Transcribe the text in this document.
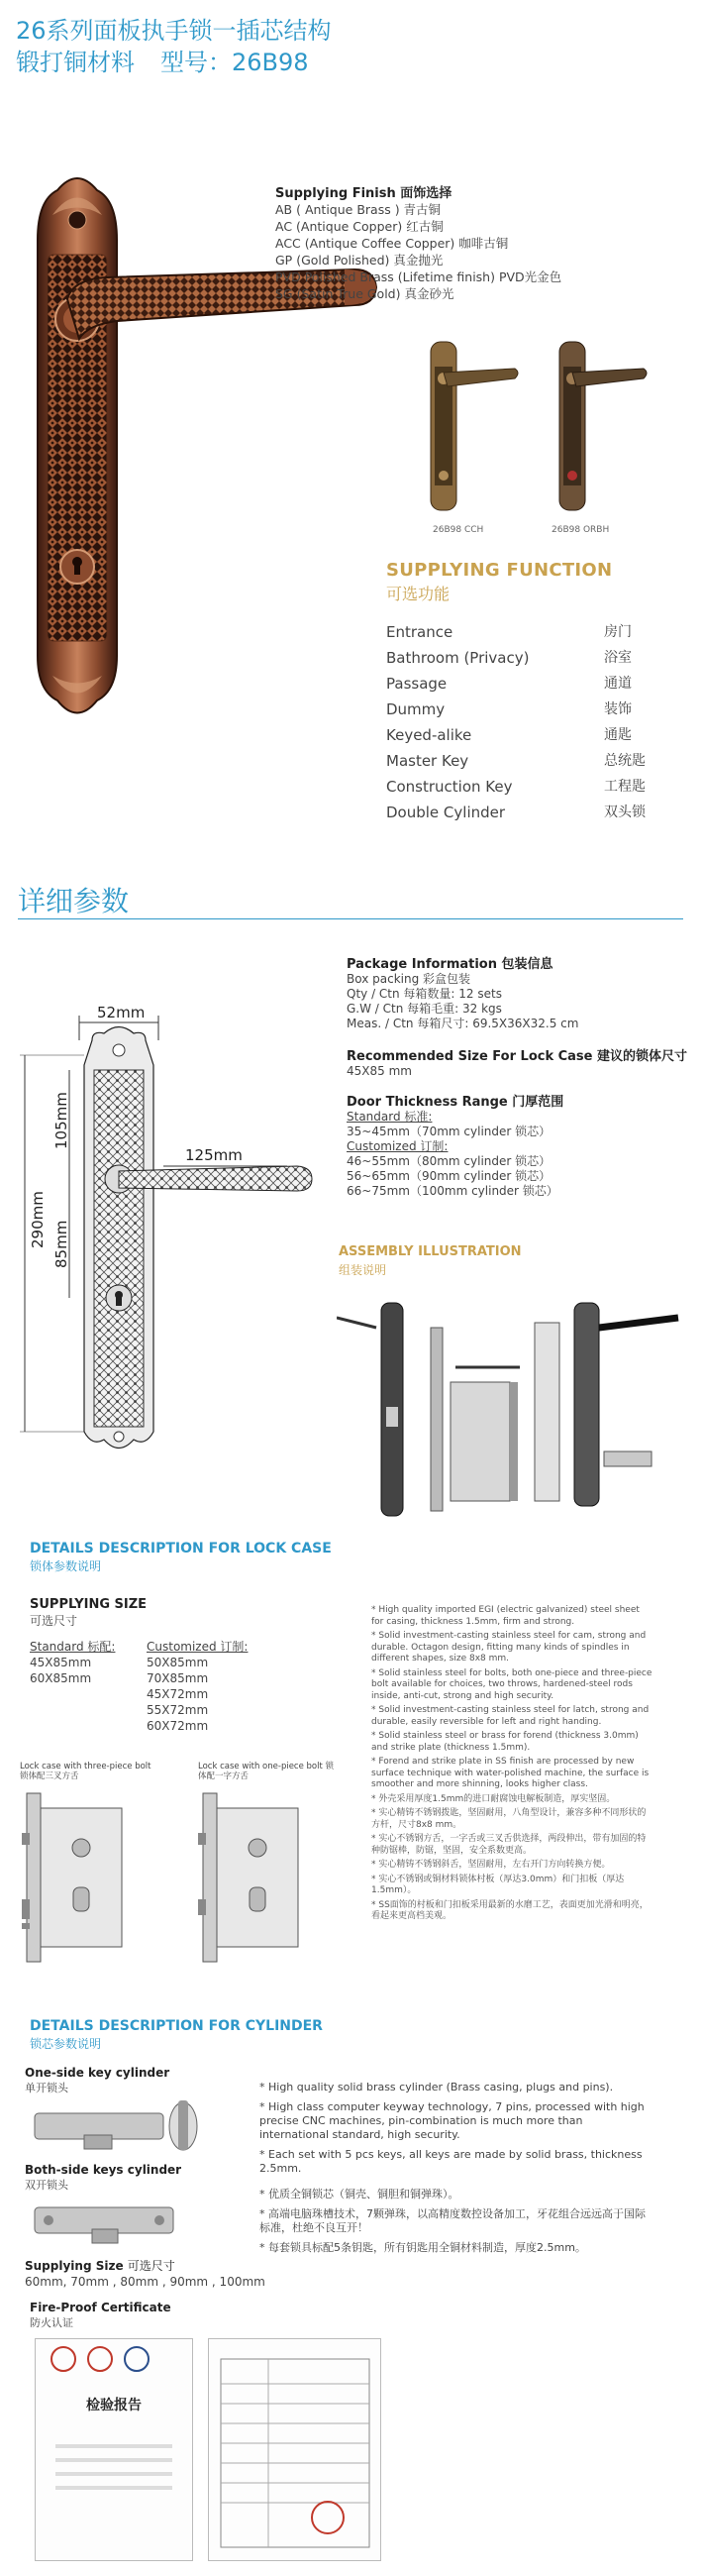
26系列面板执手锁一插芯结构
锻打铜材料 型号：26B98
Supplying Finish 面饰选择
AB ( Antique Brass ) 青古铜
AC (Antique Copper) 红古铜
ACC (Antique Coffee Copper) 咖啡古铜
GP (Gold Polished) 真金抛光
PVD Polished Brass (Lifetime finish) PVD光金色
SG (Satin True Gold) 真金砂光
26B98 CCH	26B98 ORBH
SUPPLYING FUNCTION
可选功能
Entrance	房门
Bathroom (Privacy)	浴室
Passage	通道
Dummy	装饰
Keyed-alike	通匙
Master Key	总统匙
Construction Key	工程匙
Double Cylinder	双头锁
详细参数
52mm
125mm
290mm
105mm
85mm
Package Information 包装信息
Box packing 彩盒包装
Qty / Ctn 每箱数量: 12 sets
G.W / Ctn 每箱毛重: 32 kgs
Meas. / Ctn 每箱尺寸: 69.5X36X32.5 cm
Recommended Size For Lock Case 建议的锁体尺寸
45X85 mm
Door Thickness Range 门厚范围
Standard 标准:
35~45mm（70mm cylinder 锁芯）
Customized 订制:
46~55mm（80mm cylinder 锁芯）
56~65mm（90mm cylinder 锁芯）
66~75mm（100mm cylinder 锁芯）
ASSEMBLY ILLUSTRATION
组装说明
DETAILS DESCRIPTION FOR LOCK CASE
锁体参数说明
SUPPLYING SIZE
可选尺寸
Standard 标配:
45X85mm
60X85mm
Customized 订制:
50X85mm
70X85mm
45X72mm
55X72mm
60X72mm
Lock case with three-piece bolt 锁体配三叉方舌
Lock case with one-piece bolt 锁体配一字方舌
* High quality imported EGI (electric galvanized) steel sheet for casing, thickness 1.5mm, firm and strong.
* Solid investment-casting stainless steel for cam, strong and durable. Octagon design, fitting many kinds of spindles in different shapes, size 8x8 mm.
* Solid stainless steel for bolts, both one-piece and three-piece bolt available for choices, two throws, hardened-steel rods inside, anti-cut, strong and high security.
* Solid investment-casting stainless steel for latch, strong and durable, easily reversible for left and right handing.
* Solid stainless steel or brass for forend (thickness 3.0mm) and strike plate (thickness 1.5mm).
* Forend and strike plate in SS finish are processed by new surface technique with water-polished machine, the surface is smoother and more shinning, looks higher class.
* 外壳采用厚度1.5mm的进口耐腐蚀电解板制造，厚实坚固。
* 实心精铸不锈钢拨匙，坚固耐用，八角型设计，兼容多种不同形状的方杆，尺寸8x8 mm。
* 实心不锈钢方舌，一字舌或三叉舌供选择，两段伸出，带有加固的特种防锯棒，防锯，坚固，安全系数更高。
* 实心精铸不锈钢斜舌，坚固耐用，左右开门方向转换方便。
* 实心不锈钢或铜材料锁体村板（厚达3.0mm）和门扣板（厚达1.5mm）。
* SS面饰的村板和门扣板采用最新的水磨工艺，表面更加光滑和明亮，看起来更高档美观。
DETAILS DESCRIPTION FOR CYLINDER
锁芯参数说明
One-side key cylinder
单开锁头
Both-side keys cylinder
双开锁头
Supplying Size 可选尺寸
60mm, 70mm , 80mm , 90mm , 100mm
* High quality solid brass cylinder (Brass casing, plugs and pins).
* High class computer keyway technology, 7 pins, processed with high precise CNC machines, pin-combination is much more than international standard, high security.
* Each set with 5 pcs keys, all keys are made by solid brass, thickness 2.5mm.
* 优质全铜锁芯（铜壳、铜胆和铜弹珠）。
* 高端电脑珠槽技术，7颗弹珠，以高精度数控设备加工，牙花组合远远高于国际标准，杜绝不良互开！
* 每套锁具标配5条钥匙，所有钥匙用全铜材料制造，厚度2.5mm。
Fire-Proof Certificate
防火认证
检验报告
